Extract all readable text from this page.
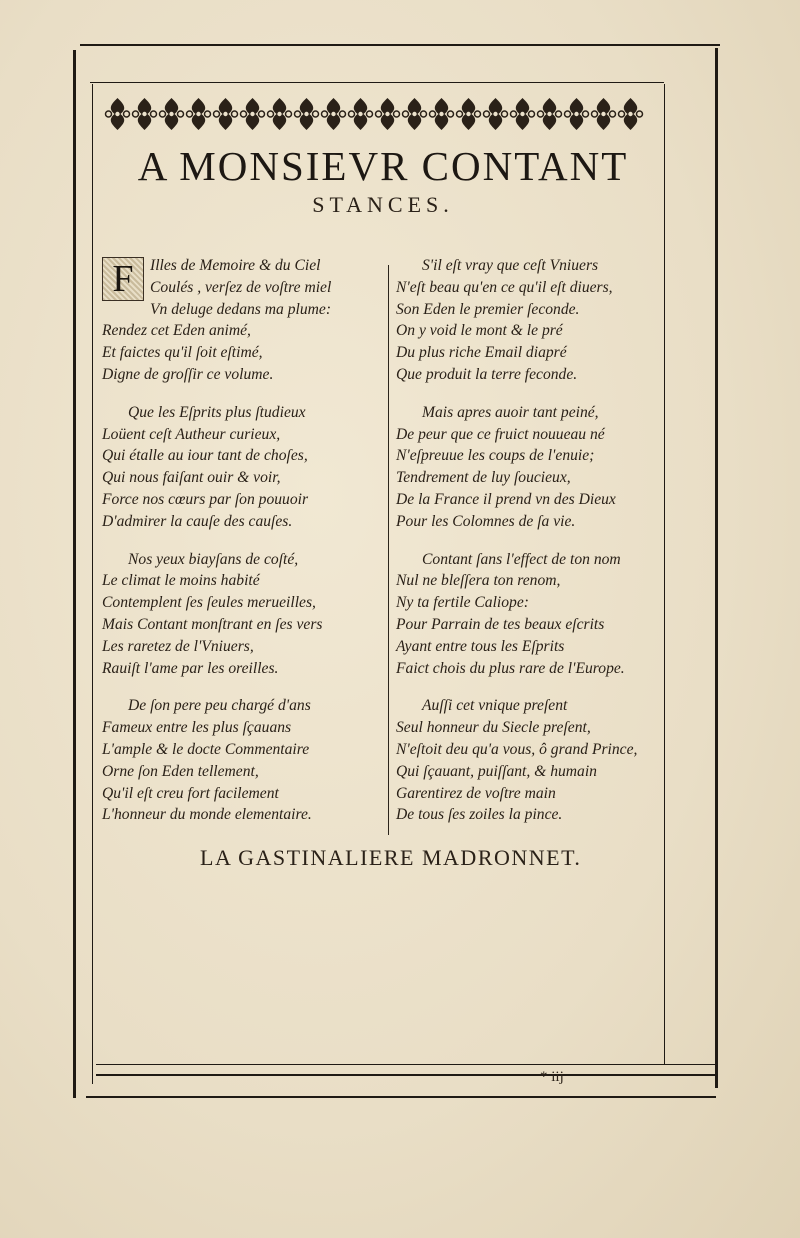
A MONSIEVR CONTANT
STANCES.
F	Illes de Memoire & du Ciel
Coulés , verſez de voſtre miel
Vn deluge dedans ma plume:
Rendez cet Eden animé,
Et faictes qu'il ſoit eſtimé,
Digne de groſſir ce volume.
Que les Eſprits plus ſtudieux
Loüent ceſt Autheur curieux,
Qui étalle au iour tant de choſes,
Qui nous faiſant ouir & voir,
Force nos cœurs par ſon pouuoir
D'admirer la cauſe des cauſes.
Nos yeux biayſans de coſté,
Le climat le moins habité
Contemplent ſes ſeules merueilles,
Mais Contant monſtrant en ſes vers
Les raretez de l'Vniuers,
Rauiſt l'ame par les oreilles.
De ſon pere peu chargé d'ans
Fameux entre les plus ſçauans
L'ample & le docte Commentaire
Orne ſon Eden tellement,
Qu'il eſt creu fort facilement
L'honneur du monde elementaire.
S'il eſt vray que ceſt Vniuers
N'eſt beau qu'en ce qu'il eſt diuers,
Son Eden le premier ſeconde.
On y void le mont & le pré
Du plus riche Email diapré
Que produit la terre feconde.
Mais apres auoir tant peiné,
De peur que ce fruict nouueau né
N'eſpreuue les coups de l'enuie;
Tendrement de luy ſoucieux,
De la France il prend vn des Dieux
Pour les Colomnes de ſa vie.
Contant ſans l'effect de ton nom
Nul ne bleſſera ton renom,
Ny ta fertile Caliope:
Pour Parrain de tes beaux eſcrits
Ayant entre tous les Eſprits
Faict chois du plus rare de l'Europe.
Auſſi cet vnique preſent
Seul honneur du Siecle preſent,
N'eſtoit deu qu'a vous, ô grand Prince,
Qui ſçauant, puiſſant, & humain
Garentirez de voſtre main
De tous ſes zoiles la pince.
LA GASTINALIERE MADRONNET.
* iij
